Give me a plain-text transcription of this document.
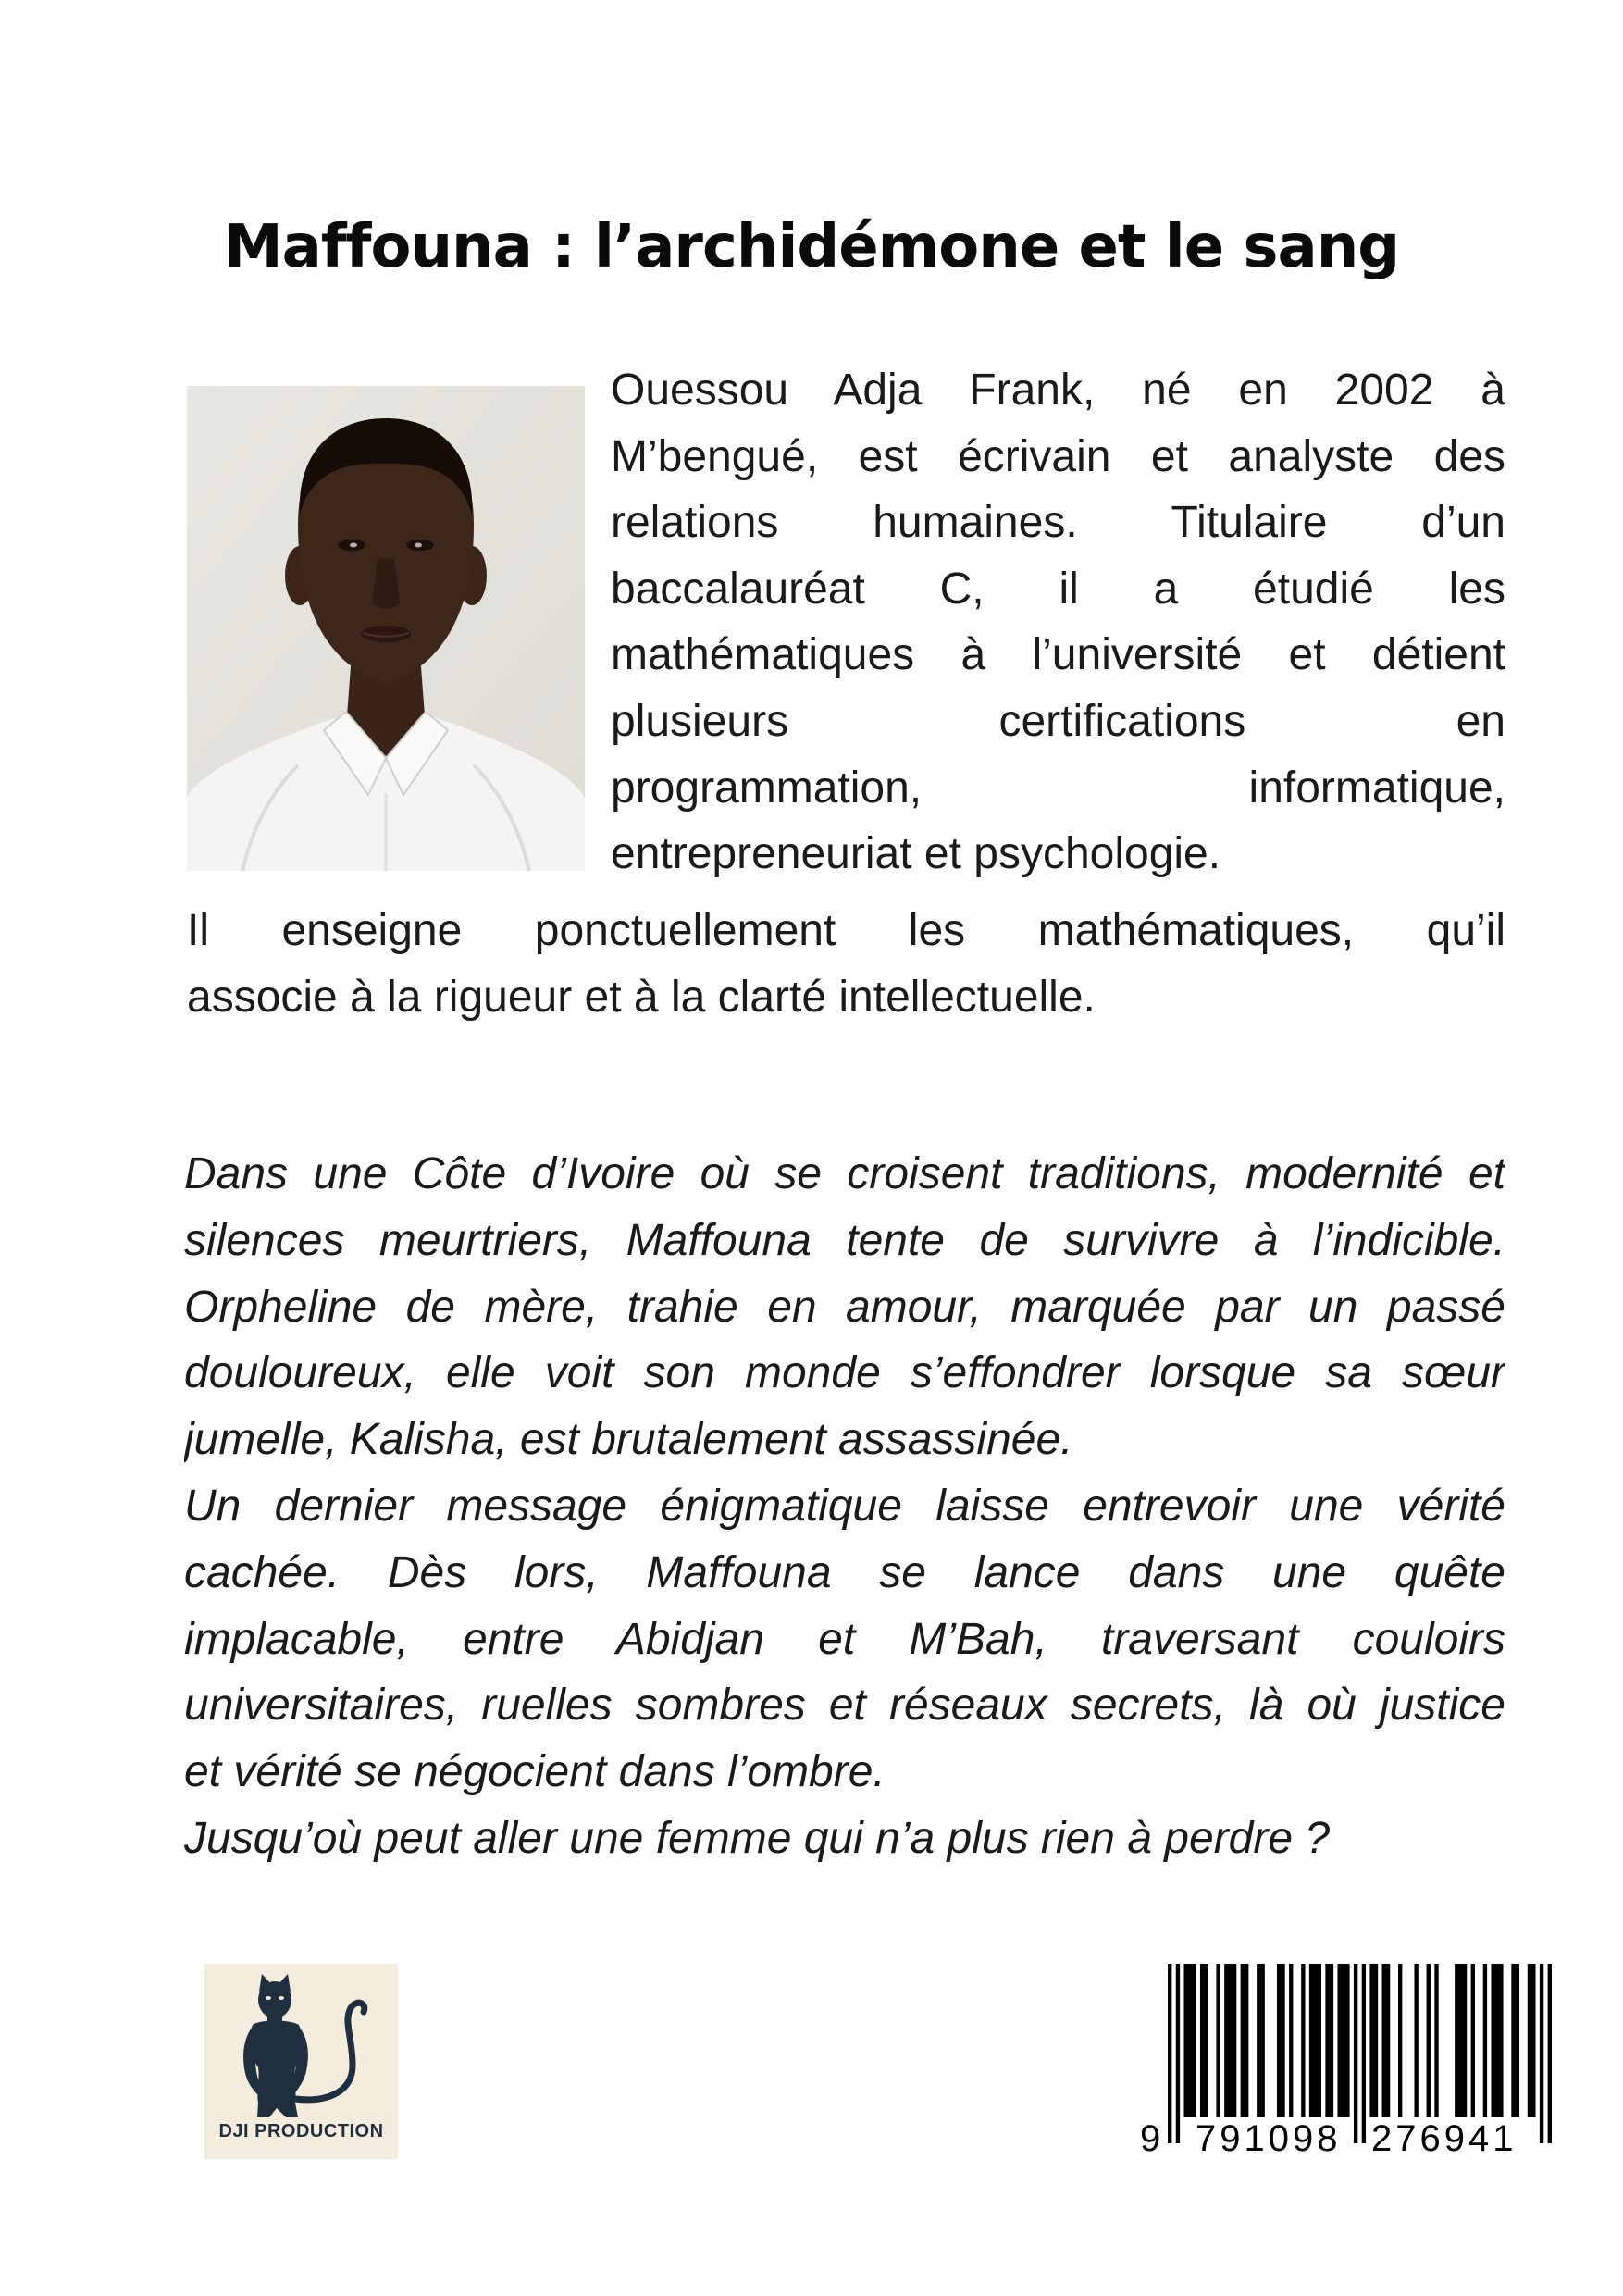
Maffouna : l’archidémone et le sang
Ouessou Adja Frank, né en 2002 à
M’bengué, est écrivain et analyste des
relations humaines. Titulaire d’un
baccalauréat C, il a étudié les
mathématiques à l’université et détient
plusieurs certifications en
programmation, informatique,
entrepreneuriat et psychologie.
Il enseigne ponctuellement les mathématiques, qu’il
associe à la rigueur et à la clarté intellectuelle.
Dans une Côte d’Ivoire où se croisent traditions, modernité et
silences meurtriers, Maffouna tente de survivre à l’indicible.
Orpheline de mère, trahie en amour, marquée par un passé
douloureux, elle voit son monde s’effondrer lorsque sa sœur
jumelle, Kalisha, est brutalement assassinée.
Un dernier message énigmatique laisse entrevoir une vérité
cachée. Dès lors, Maffouna se lance dans une quête
implacable, entre Abidjan et M’Bah, traversant couloirs
universitaires, ruelles sombres et réseaux secrets, là où justice
et vérité se négocient dans l’ombre.
Jusqu’où peut aller une femme qui n’a plus rien à perdre ?
DJI PRODUCTION	9 791098 276941
